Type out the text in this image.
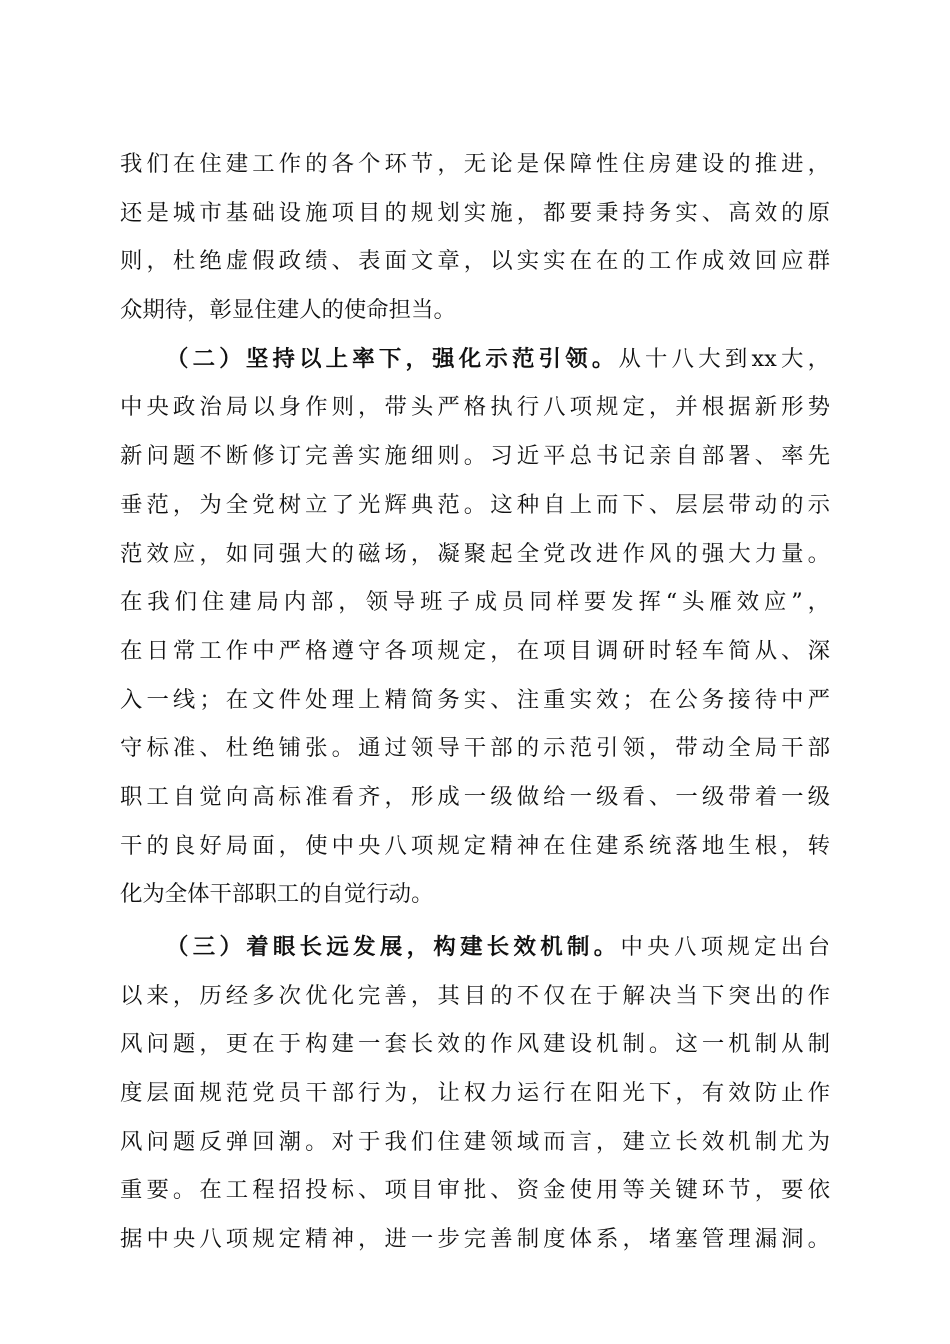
我们在住建工作的各个环节，无论是保障性住房建设的推进，
还是城市基础设施项目的规划实施，都要秉持务实、高效的原
则，杜绝虚假政绩、表面文章，以实实在在的工作成效回应群
众期待，彰显住建人的使命担当。
（二）坚持以上率下，强化示范引领。从十八大到xx大，
中央政治局以身作则，带头严格执行八项规定，并根据新形势
新问题不断修订完善实施细则。习近平总书记亲自部署、率先
垂范，为全党树立了光辉典范。这种自上而下、层层带动的示
范效应，如同强大的磁场，凝聚起全党改进作风的强大力量。
在我们住建局内部，领导班子成员同样要发挥“头雁效应”，
在日常工作中严格遵守各项规定，在项目调研时轻车简从、深
入一线；在文件处理上精简务实、注重实效；在公务接待中严
守标准、杜绝铺张。通过领导干部的示范引领，带动全局干部
职工自觉向高标准看齐，形成一级做给一级看、一级带着一级
干的良好局面，使中央八项规定精神在住建系统落地生根，转
化为全体干部职工的自觉行动。
（三）着眼长远发展，构建长效机制。中央八项规定出台
以来，历经多次优化完善，其目的不仅在于解决当下突出的作
风问题，更在于构建一套长效的作风建设机制。这一机制从制
度层面规范党员干部行为，让权力运行在阳光下，有效防止作
风问题反弹回潮。对于我们住建领域而言，建立长效机制尤为
重要。在工程招投标、项目审批、资金使用等关键环节，要依
据中央八项规定精神，进一步完善制度体系，堵塞管理漏洞。
